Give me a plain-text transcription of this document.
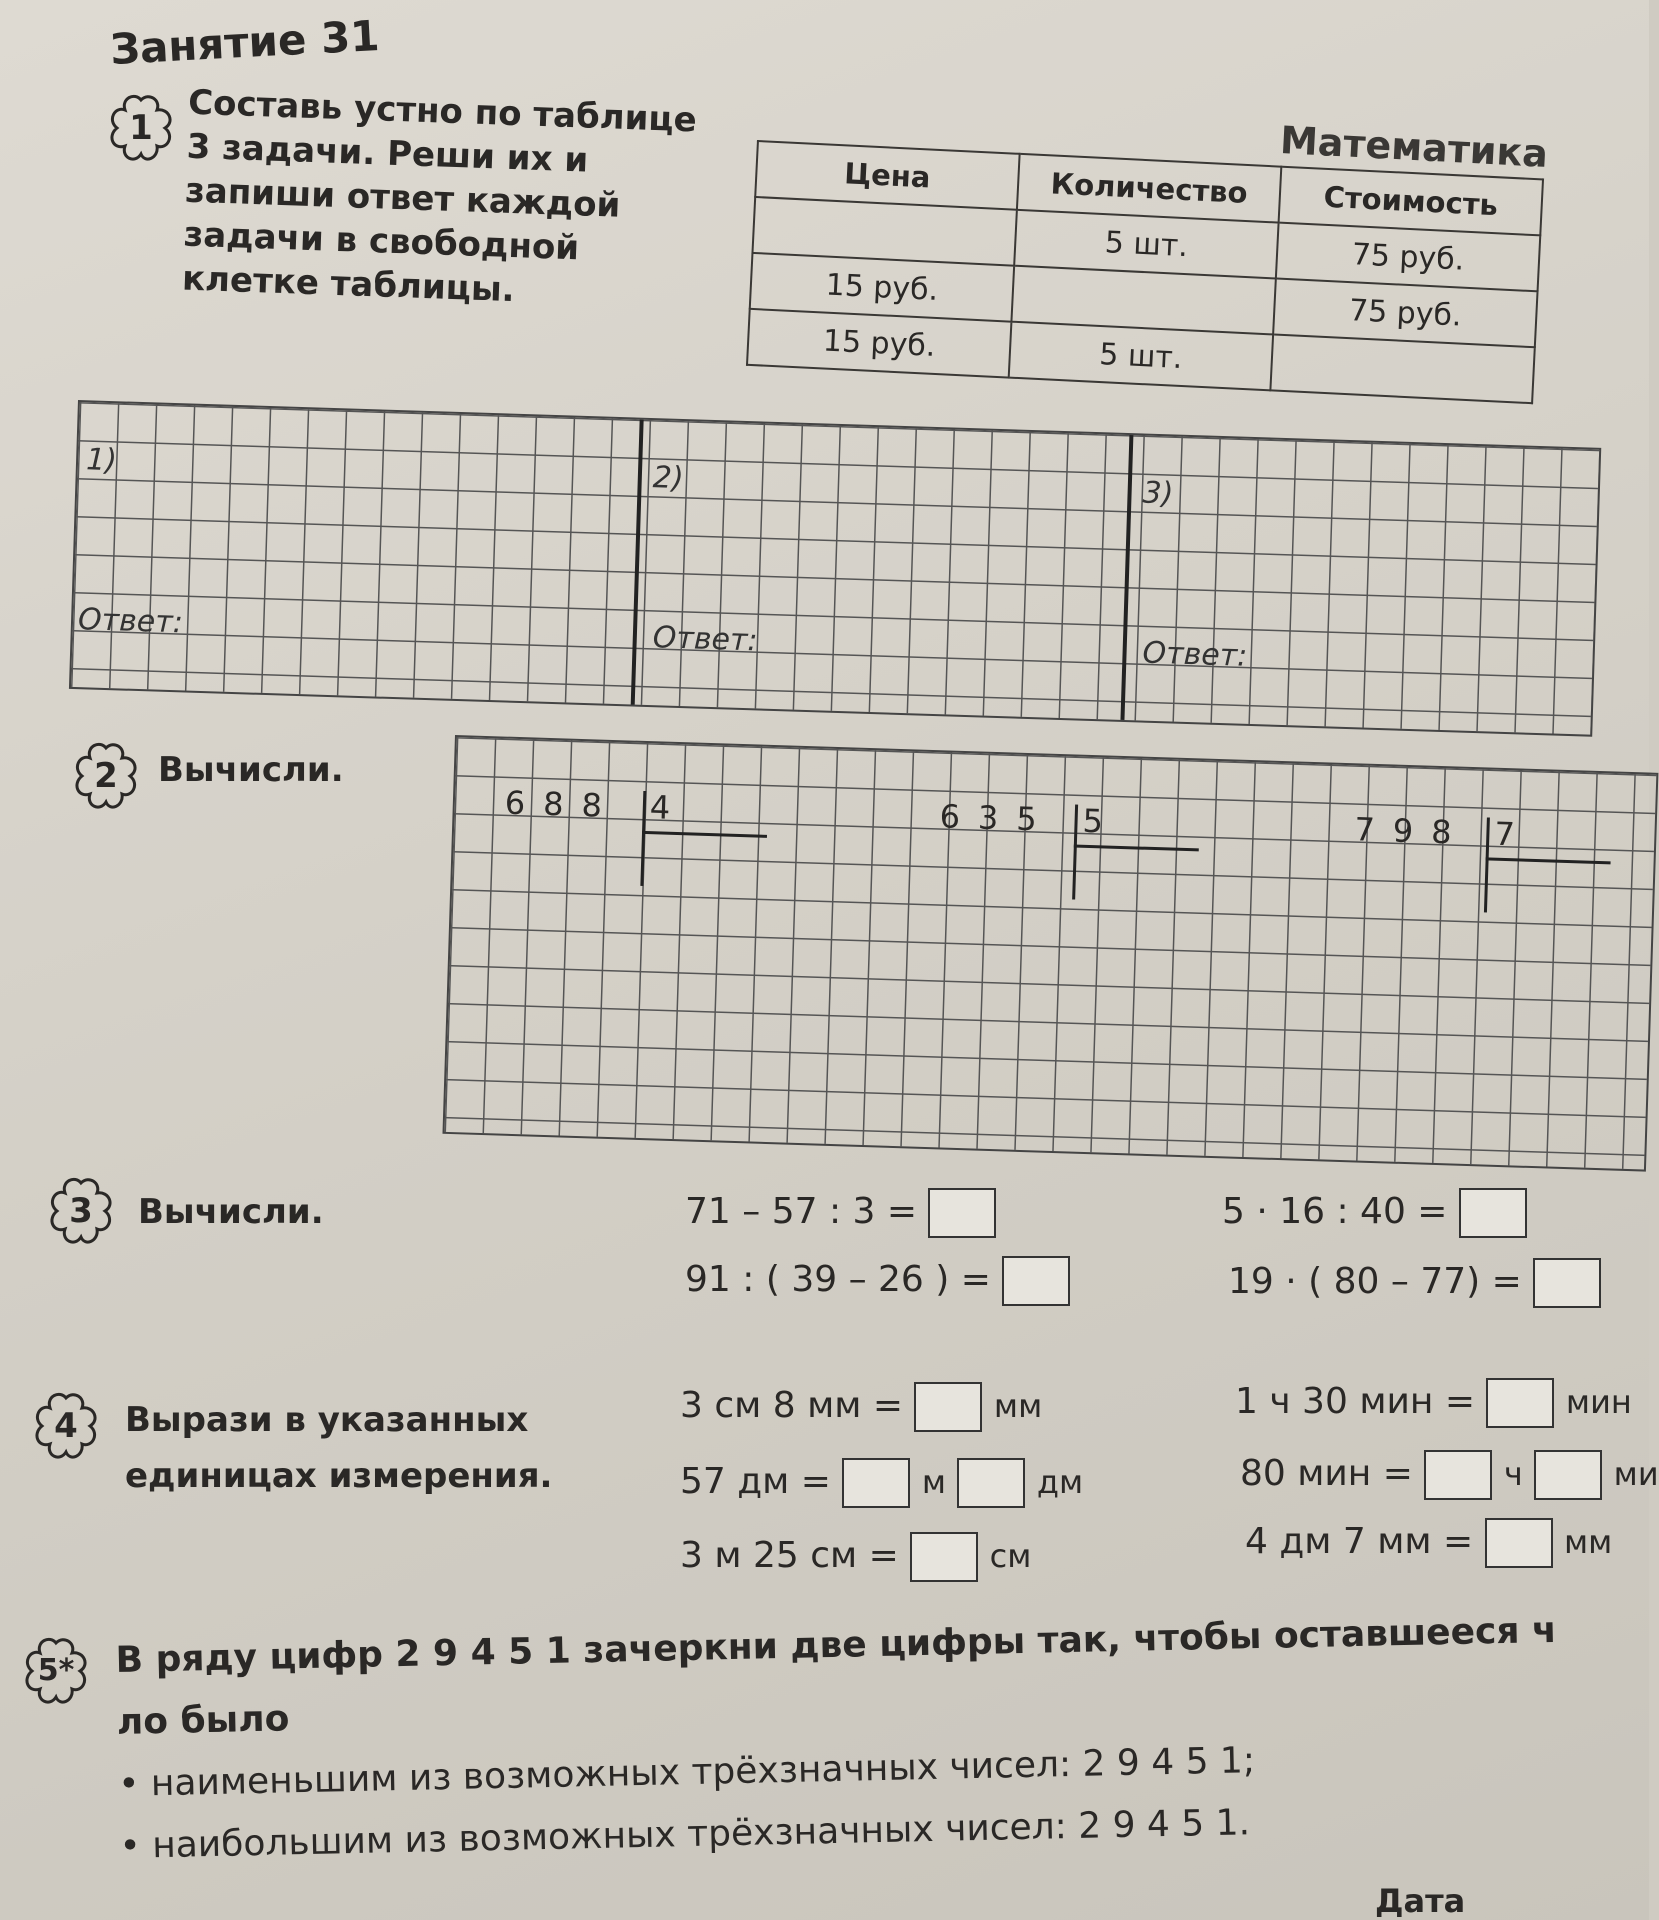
Занятие 31
Математика
1	Составь устно по таблице 3 задачи. Реши их и запиши ответ каждой задачи в свободной клетке таблицы.
Цена	Количество	Стоимость
	5 шт.	75 руб.
15 руб.		75 руб.
15 руб.	5 шт.	
1)	2)	3)
Ответ:	Ответ:	Ответ:
2	Вычисли.
688 4	635 5	798 7
3	Вычисли.	71 – 57 : 3 =	5 · 16 : 40 =
91 : ( 39 – 26 ) =	19 · ( 80 – 77) =
4	Вырази в указанных
единицах измерения.
3 см 8 мм =	мм	1 ч 30 мин =	мин
57 дм =	м	дм	80 мин =	ч	ми
3 м 25 см =	см	4 дм 7 мм =	мм
5*	В ряду цифр 2 9 4 5 1 зачеркни две цифры так, чтобы оставшееся ч
ло было
• наименьшим из возможных трёхзначных чисел: 2 9 4 5 1;
• наибольшим из возможных трёхзначных чисел: 2 9 4 5 1.
Дата
